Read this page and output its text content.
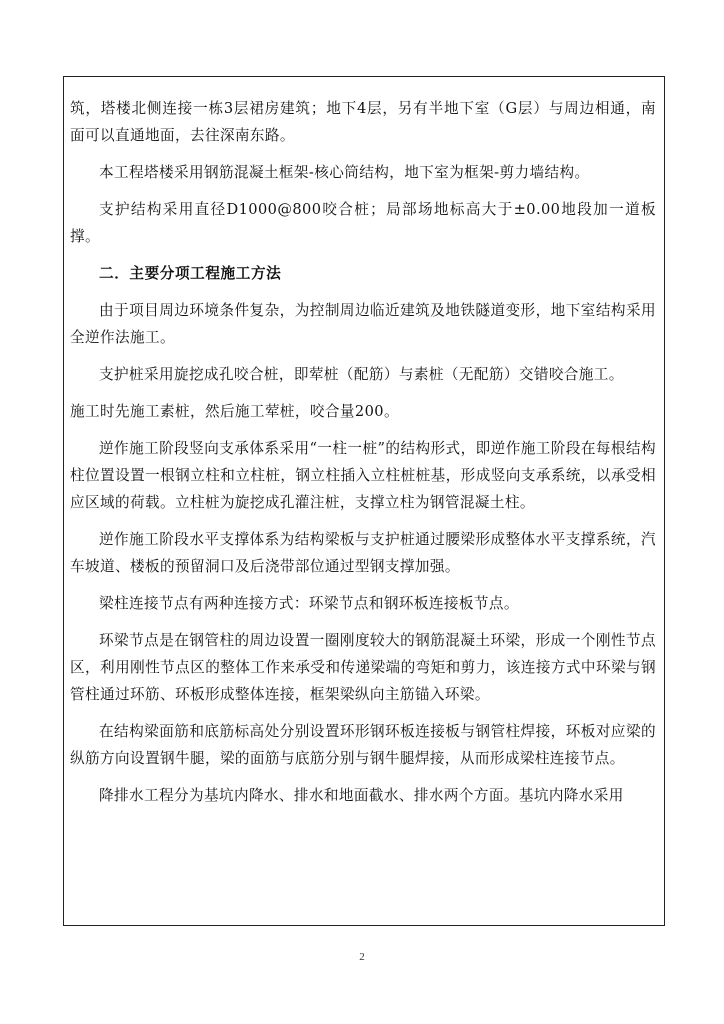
筑，塔楼北侧连接一栋3层裙房建筑；地下4层，另有半地下室（G层）与周边相通，南面可以直通地面，去往深南东路。

本工程塔楼采用钢筋混凝土框架-核心筒结构，地下室为框架-剪力墙结构。

支护结构采用直径D1000@800咬合桩；局部场地标高大于±0.00地段加一道板撑。

二．主要分项工程施工方法

由于项目周边环境条件复杂，为控制周边临近建筑及地铁隧道变形，地下室结构采用全逆作法施工。

支护桩采用旋挖成孔咬合桩，即荤桩（配筋）与素桩（无配筋）交错咬合施工。

施工时先施工素桩，然后施工荤桩，咬合量200。

逆作施工阶段竖向支承体系采用“一柱一桩”的结构形式，即逆作施工阶段在每根结构柱位置设置一根钢立柱和立柱桩，钢立柱插入立柱桩桩基，形成竖向支承系统，以承受相应区域的荷载。立柱桩为旋挖成孔灌注桩，支撑立柱为钢管混凝土柱。

逆作施工阶段水平支撑体系为结构梁板与支护桩通过腰梁形成整体水平支撑系统，汽车坡道、楼板的预留洞口及后浇带部位通过型钢支撑加强。

梁柱连接节点有两种连接方式：环梁节点和钢环板连接板节点。

环梁节点是在钢管柱的周边设置一圈刚度较大的钢筋混凝土环梁，形成一个刚性节点区，利用刚性节点区的整体工作来承受和传递梁端的弯矩和剪力，该连接方式中环梁与钢管柱通过环筋、环板形成整体连接，框架梁纵向主筋锚入环梁。

在结构梁面筋和底筋标高处分别设置环形钢环板连接板与钢管柱焊接，环板对应梁的纵筋方向设置钢牛腿，梁的面筋与底筋分别与钢牛腿焊接，从而形成梁柱连接节点。

降排水工程分为基坑内降水、排水和地面截水、排水两个方面。基坑内降水采用

2
